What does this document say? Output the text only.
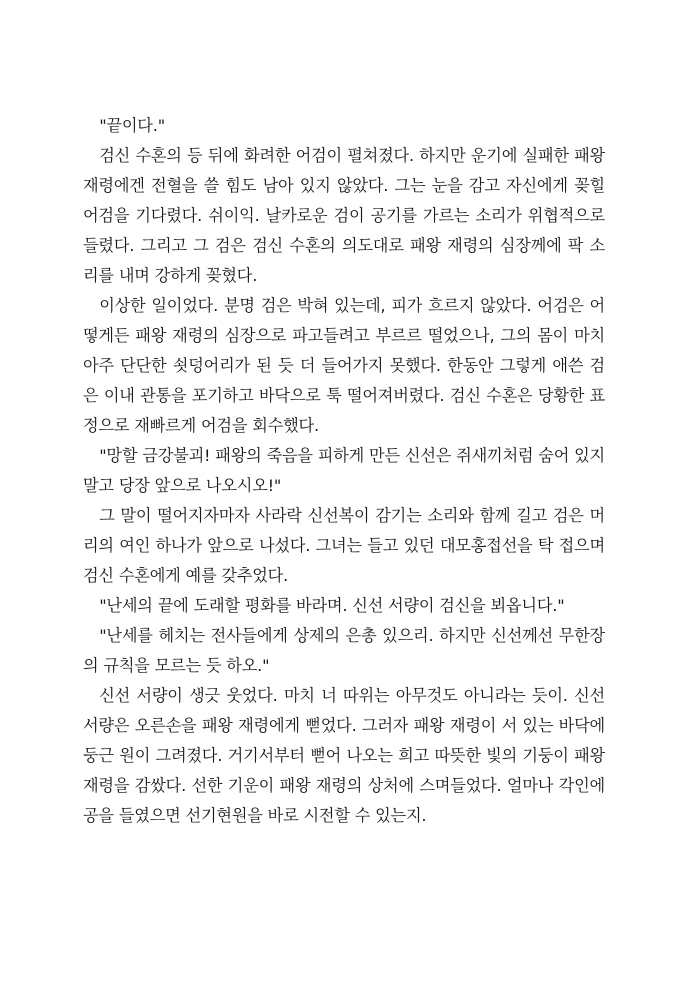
"끝이다."

검신 수혼의 등 뒤에 화려한 어검이 펼쳐졌다. 하지만 운기에 실패한 패왕 재령에겐 전혈을 쓸 힘도 남아 있지 않았다. 그는 눈을 감고 자신에게 꽂힐 어검을 기다렸다. 쉬이익. 날카로운 검이 공기를 가르는 소리가 위협적으로 들렸다. 그리고 그 검은 검신 수혼의 의도대로 패왕 재령의 심장께에 팍 소리를 내며 강하게 꽂혔다.

이상한 일이었다. 분명 검은 박혀 있는데, 피가 흐르지 않았다. 어검은 어떻게든 패왕 재령의 심장으로 파고들려고 부르르 떨었으나, 그의 몸이 마치 아주 단단한 쇳덩어리가 된 듯 더 들어가지 못했다. 한동안 그렇게 애쓴 검은 이내 관통을 포기하고 바닥으로 툭 떨어져버렸다. 검신 수혼은 당황한 표정으로 재빠르게 어검을 회수했다.

"망할 금강불괴! 패왕의 죽음을 피하게 만든 신선은 쥐새끼처럼 숨어 있지 말고 당장 앞으로 나오시오!"

그 말이 떨어지자마자 사라락 신선복이 감기는 소리와 함께 길고 검은 머리의 여인 하나가 앞으로 나섰다. 그녀는 들고 있던 대모홍접선을 탁 접으며 검신 수혼에게 예를 갖추었다.

"난세의 끝에 도래할 평화를 바라며. 신선 서량이 검신을 뵈옵니다."

"난세를 헤치는 전사들에게 상제의 은총 있으리. 하지만 신선께선 무한장의 규칙을 모르는 듯 하오."

신선 서량이 생긋 웃었다. 마치 너 따위는 아무것도 아니라는 듯이. 신선 서량은 오른손을 패왕 재령에게 뻗었다. 그러자 패왕 재령이 서 있는 바닥에 둥근 원이 그려졌다. 거기서부터 뻗어 나오는 희고 따뜻한 빛의 기둥이 패왕 재령을 감쌌다. 선한 기운이 패왕 재령의 상처에 스며들었다. 얼마나 각인에 공을 들였으면 선기현원을 바로 시전할 수 있는지.
